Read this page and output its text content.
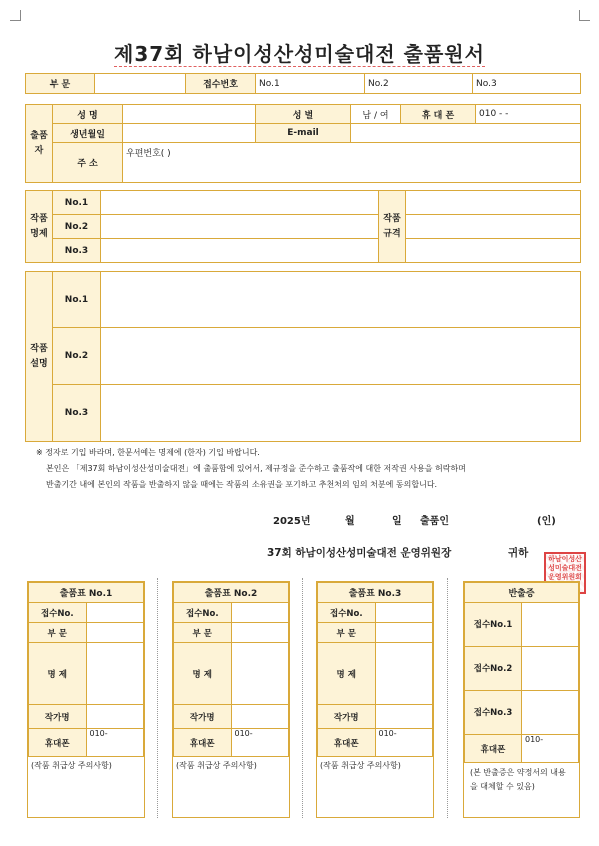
제37회 하남이성산성미술대전 출품원서
부 문		접수번호	No.1	No.2	No.3
출품자	성 명		성 별	남 / 여	휴 대 폰	010 - -
	생년월일		E-mail			
	주 소	우편번호( )				
작품명제	No.1		작품규격	
	No.2			
	No.3			
작품설명	No.1	
	No.2	
	No.3	
※ 정자로 기입 바라며, 한문서예는 명제에 (한자) 기입 바랍니다.
본인은 「제37회 하남이성산성미술대전」에 출품함에 있어서, 제규정을 준수하고 출품작에 대한 저작권 사용을 허락하며
반출기간 내에 본인의 작품을 반출하지 않을 때에는 작품의 소유권을 포기하고 추천처의 임의 처분에 동의합니다.
2025년	월	일 출품인	(인)
37회 하남이성산성미술대전 운영위원장	귀하	하남이성산성미술대전운영위원회
출품표 No.1	
접수No.	
부 문	
명 제	
작가명	
휴대폰	010-
(작품 취급상 주의사항)
출품표 No.2	
접수No.	
부 문	
명 제	
작가명	
휴대폰	010-
(작품 취급상 주의사항)
출품표 No.3	
접수No.	
부 문	
명 제	
작가명	
휴대폰	010-
(작품 취급상 주의사항)
반출증	
접수No.1	
접수No.2	
접수No.3	
휴대폰	010-
(본 반출증은 약정서의 내용을 대체할 수 있음)
